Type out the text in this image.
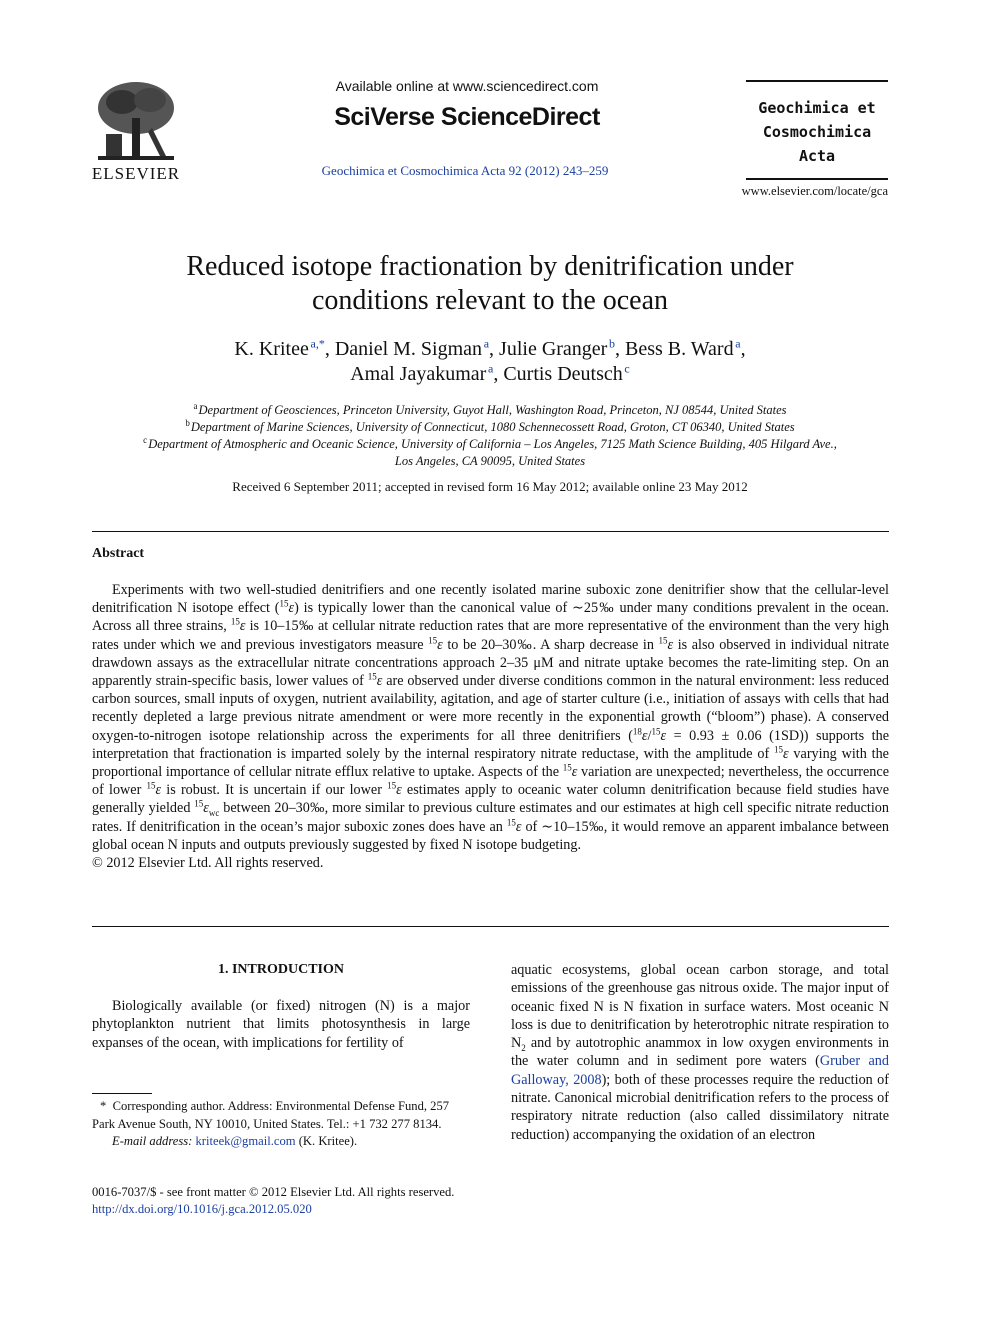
ELSEVIER
Available online at www.sciencedirect.com
SciVerse ScienceDirect
Geochimica et Cosmochimica Acta 92 (2012) 243–259
Geochimica et
Cosmochimica
Acta
www.elsevier.com/locate/gca
Reduced isotope fractionation by denitrification under
conditions relevant to the ocean
K. Kritee  $^{a,*}$, Daniel M. Sigman  $^a$, Julie Granger  $^b$, Bess B. Ward  $^a$,
Amal Jayakumar  $^a$, Curtis Deutsch  $^c$
$^a$ Department of Geosciences, Princeton University, Guyot Hall, Washington Road, Princeton, NJ 08544, United States
$^b$ Department of Marine Sciences, University of Connecticut, 1080 Schennecossett Road, Groton, CT 06340, United States
$^c$ Department of Atmospheric and Oceanic Science, University of California – Los Angeles, 7125 Math Science Building, 405 Hilgard Ave.,
Los Angeles, CA 90095, United States
Received 6 September 2011; accepted in revised form 16 May 2012; available online 23 May 2012
Abstract

Experiments with two well-studied denitrifiers and one recently isolated marine suboxic zone denitrifier show that the cellular-level denitrification N isotope effect ($^{15}$ε) is typically lower than the canonical value of ∼25‰ under many conditions prevalent in the ocean. Across all three strains, $^{15}$ε is 10–15‰ at cellular nitrate reduction rates that are more representative of the environment than the very high rates under which we and previous investigators measure $^{15}$ε to be 20–30‰. A sharp decrease in $^{15}$ε is also observed in individual nitrate drawdown assays as the extracellular nitrate concentrations approach 2–35 μM and nitrate uptake becomes the rate-limiting step. On an apparently strain-specific basis, lower values of $^{15}$ε are observed under diverse conditions common in the natural environment: less reduced carbon sources, small inputs of oxygen, nutrient availability, agitation, and age of starter culture (i.e., initiation of assays with cells that had recently depleted a large previous nitrate amendment or were more recently in the exponential growth (“bloom”) phase). A conserved oxygen-to-nitrogen isotope relationship across the experiments for all three denitrifiers ($^{18}$ε/$^{15}$ε = 0.93 ± 0.06 (1SD)) supports the interpretation that fractionation is imparted solely by the internal respiratory nitrate reductase, with the amplitude of $^{15}$ε varying with the proportional importance of cellular nitrate efflux relative to uptake. Aspects of the $^{15}$ε variation are unexpected; nevertheless, the occurrence of lower $^{15}$ε is robust. It is uncertain if our lower $^{15}$ε estimates apply to oceanic water column denitrification because field studies have generally yielded $^{15}\varepsilon_{wc}$ between 20–30‰, more similar to previous culture estimates and our estimates at high cell specific nitrate reduction rates. If denitrification in the ocean’s major suboxic zones does have an $^{15}$ε of ∼10–15‰, it would remove an apparent imbalance between global ocean N inputs and outputs previously suggested by fixed N isotope budgeting.

© 2012 Elsevier Ltd. All rights reserved.

1. INTRODUCTION

Biologically available (or fixed) nitrogen (N) is a major phytoplankton nutrient that limits photosynthesis in large expanses of the ocean, with implications for fertility of

aquatic ecosystems, global ocean carbon storage, and total emissions of the greenhouse gas nitrous oxide. The major input of oceanic fixed N is N fixation in surface waters. Most oceanic N loss is due to denitrification by heterotrophic nitrate respiration to $N_2$ and by autotrophic anammox in low oxygen environments in the water column and in sediment pore waters (Gruber and Galloway, 2008); both of these processes require the reduction of nitrate. Canonical microbial denitrification refers to the process of respiratory nitrate reduction (also called dissimilatory nitrate reduction) accompanying the oxidation of an electron

* Corresponding author. Address: Environmental Defense Fund, 257 Park Avenue South, NY 10010, United States. Tel.: +1 732 277 8134.

E-mail address: kriteek@gmail.com (K. Kritee).

0016-7037/$ - see front matter © 2012 Elsevier Ltd. All rights reserved.
http://dx.doi.org/10.1016/j.gca.2012.05.020
